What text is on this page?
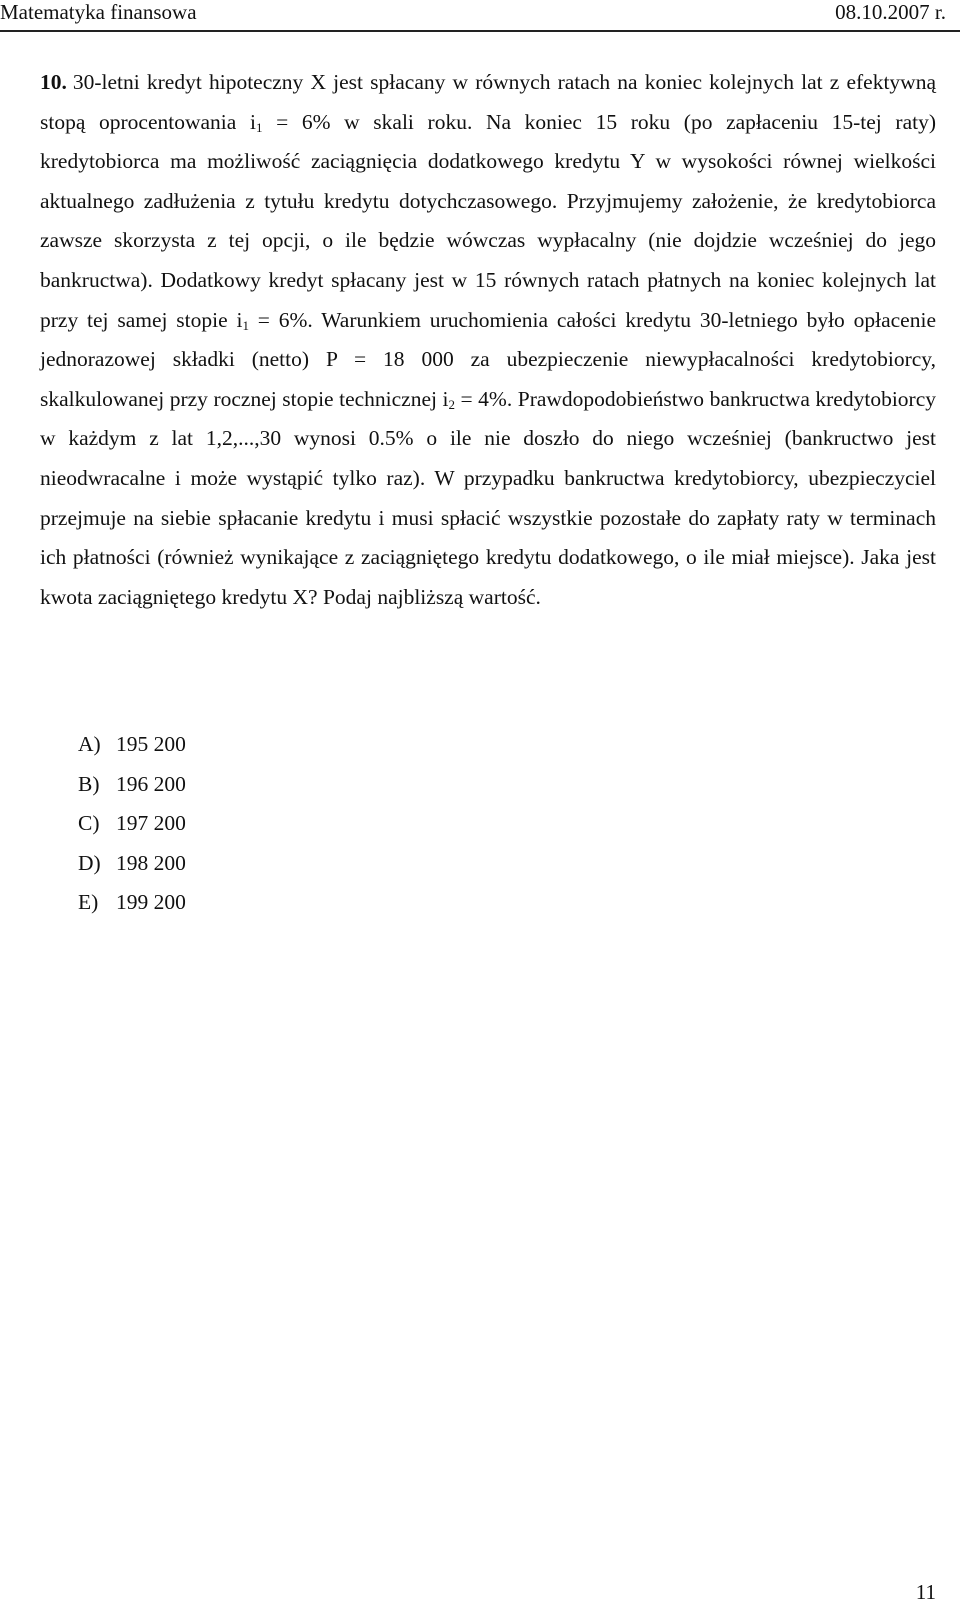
Matematyka finansowa	08.10.2007 r.
10. 30-letni kredyt hipoteczny X jest spłacany w równych ratach na koniec kolejnych lat z efektywną stopą oprocentowania $i_1 = 6\%$ w skali roku. Na koniec 15 roku (po zapłaceniu 15-tej raty) kredytobiorca ma możliwość zaciągnięcia dodatkowego kredytu Y w wysokości równej wielkości aktualnego zadłużenia z tytułu kredytu dotychczasowego. Przyjmujemy założenie, że kredytobiorca zawsze skorzysta z tej opcji, o ile będzie wówczas wypłacalny (nie dojdzie wcześniej do jego bankructwa). Dodatkowy kredyt spłacany jest w 15 równych ratach płatnych na koniec kolejnych lat przy tej samej stopie $i_1 = 6\%$. Warunkiem uruchomienia całości kredytu 30-letniego było opłacenie jednorazowej składki (netto) P = 18 000 za ubezpieczenie niewypłacalności kredytobiorcy, skalkulowanej przy rocznej stopie technicznej $i_2 = 4\%$. Prawdopodobieństwo bankructwa kredytobiorcy w każdym z lat 1,2,...,30 wynosi 0.5% o ile nie doszło do niego wcześniej (bankructwo jest nieodwracalne i może wystąpić tylko raz). W przypadku bankructwa kredytobiorcy, ubezpieczyciel przejmuje na siebie spłacanie kredytu i musi spłacić wszystkie pozostałe do zapłaty raty w terminach ich płatności (również wynikające z zaciągniętego kredytu dodatkowego, o ile miał miejsce). Jaka jest kwota zaciągniętego kredytu X? Podaj najbliższą wartość.
A) 195 200
B) 196 200
C) 197 200
D) 198 200
E) 199 200
11
